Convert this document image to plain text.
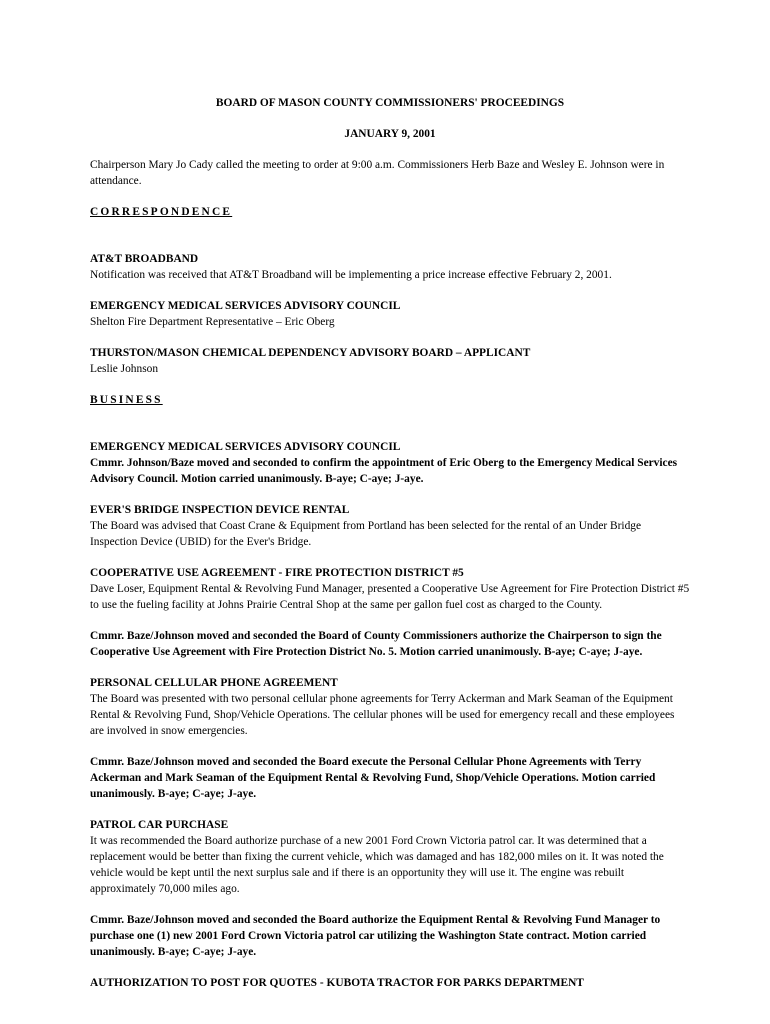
BOARD OF MASON COUNTY COMMISSIONERS' PROCEEDINGS
JANUARY 9, 2001

Chairperson Mary Jo Cady called the meeting to order at 9:00 a.m. Commissioners Herb Baze and Wesley E. Johnson were in attendance.

CORRESPONDENCE
AT&T BROADBAND

Notification was received that AT&T Broadband will be implementing a price increase effective February 2, 2001.

EMERGENCY MEDICAL SERVICES ADVISORY COUNCIL

Shelton Fire Department Representative – Eric Oberg

THURSTON/MASON CHEMICAL DEPENDENCY ADVISORY BOARD – APPLICANT

Leslie Johnson

BUSINESS
EMERGENCY MEDICAL SERVICES ADVISORY COUNCIL

Cmmr. Johnson/Baze moved and seconded to confirm the appointment of Eric Oberg to the Emergency Medical Services Advisory Council. Motion carried unanimously. B-aye; C-aye; J-aye.

EVER'S BRIDGE INSPECTION DEVICE RENTAL

The Board was advised that Coast Crane & Equipment from Portland has been selected for the rental of an Under Bridge Inspection Device (UBID) for the Ever's Bridge.

COOPERATIVE USE AGREEMENT - FIRE PROTECTION DISTRICT #5

Dave Loser, Equipment Rental & Revolving Fund Manager, presented a Cooperative Use Agreement for Fire Protection District #5 to use the fueling facility at Johns Prairie Central Shop at the same per gallon fuel cost as charged to the County.

Cmmr. Baze/Johnson moved and seconded the Board of County Commissioners authorize the Chairperson to sign the Cooperative Use Agreement with Fire Protection District No. 5. Motion carried unanimously. B-aye; C-aye; J-aye.

PERSONAL CELLULAR PHONE AGREEMENT

The Board was presented with two personal cellular phone agreements for Terry Ackerman and Mark Seaman of the Equipment Rental & Revolving Fund, Shop/Vehicle Operations. The cellular phones will be used for emergency recall and these employees are involved in snow emergencies.

Cmmr. Baze/Johnson moved and seconded the Board execute the Personal Cellular Phone Agreements with Terry Ackerman and Mark Seaman of the Equipment Rental & Revolving Fund, Shop/Vehicle Operations. Motion carried unanimously. B-aye; C-aye; J-aye.

PATROL CAR PURCHASE

It was recommended the Board authorize purchase of a new 2001 Ford Crown Victoria patrol car. It was determined that a replacement would be better than fixing the current vehicle, which was damaged and has 182,000 miles on it. It was noted the vehicle would be kept until the next surplus sale and if there is an opportunity they will use it. The engine was rebuilt approximately 70,000 miles ago.

Cmmr. Baze/Johnson moved and seconded the Board authorize the Equipment Rental & Revolving Fund Manager to purchase one (1) new 2001 Ford Crown Victoria patrol car utilizing the Washington State contract. Motion carried unanimously. B-aye; C-aye; J-aye.

AUTHORIZATION TO POST FOR QUOTES - KUBOTA TRACTOR FOR PARKS DEPARTMENT
